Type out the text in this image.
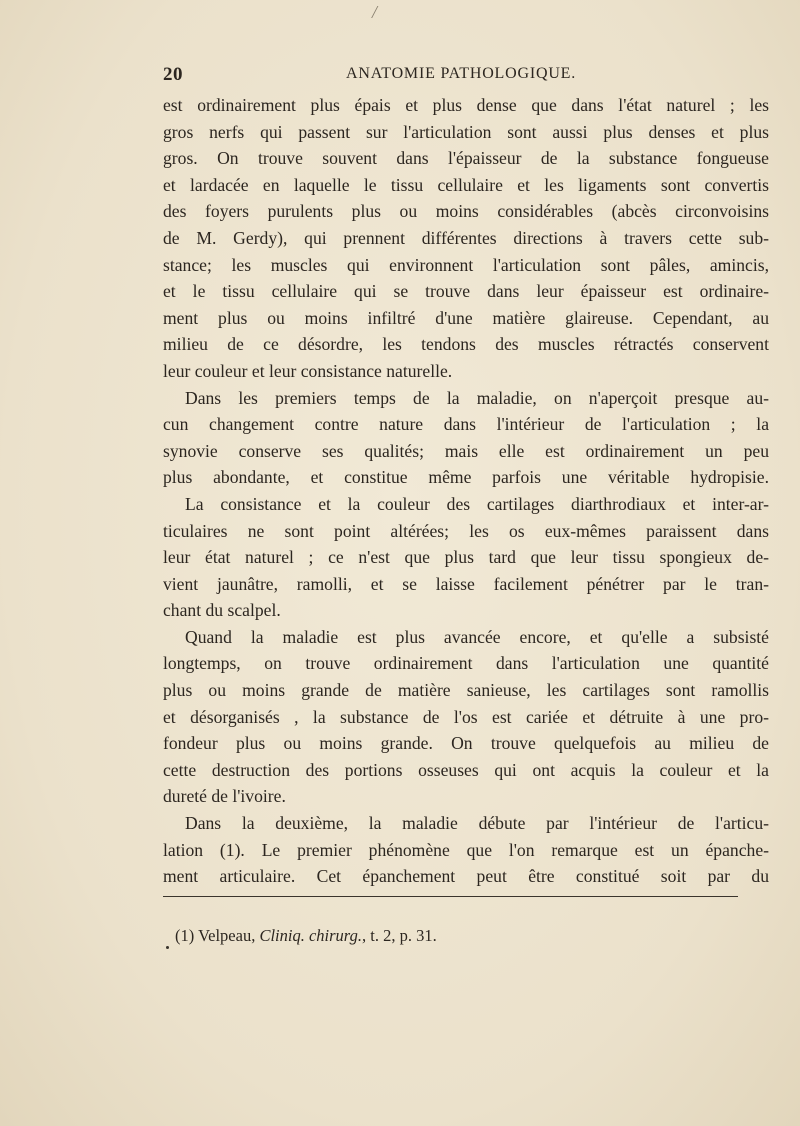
/
20	ANATOMIE PATHOLOGIQUE.
est ordinairement plus épais et plus dense que dans l'état naturel ; les
gros nerfs qui passent sur l'articulation sont aussi plus denses et plus
gros. On trouve souvent dans l'épaisseur de la substance fongueuse
et lardacée en laquelle le tissu cellulaire et les ligaments sont convertis
des foyers purulents plus ou moins considérables (abcès circonvoisins
de M. Gerdy), qui prennent différentes directions à travers cette sub-
stance; les muscles qui environnent l'articulation sont pâles, amincis,
et le tissu cellulaire qui se trouve dans leur épaisseur est ordinaire-
ment plus ou moins infiltré d'une matière glaireuse. Cependant, au
milieu de ce désordre, les tendons des muscles rétractés conservent
leur couleur et leur consistance naturelle.
Dans les premiers temps de la maladie, on n'aperçoit presque au-
cun changement contre nature dans l'intérieur de l'articulation ; la
synovie conserve ses qualités; mais elle est ordinairement un peu
plus abondante, et constitue même parfois une véritable hydropisie.
La consistance et la couleur des cartilages diarthrodiaux et inter-ar-
ticulaires ne sont point altérées; les os eux-mêmes paraissent dans
leur état naturel ; ce n'est que plus tard que leur tissu spongieux de-
vient jaunâtre, ramolli, et se laisse facilement pénétrer par le tran-
chant du scalpel.
Quand la maladie est plus avancée encore, et qu'elle a subsisté
longtemps, on trouve ordinairement dans l'articulation une quantité
plus ou moins grande de matière sanieuse, les cartilages sont ramollis
et désorganisés , la substance de l'os est cariée et détruite à une pro-
fondeur plus ou moins grande. On trouve quelquefois au milieu de
cette destruction des portions osseuses qui ont acquis la couleur et la
dureté de l'ivoire.
Dans la deuxième, la maladie débute par l'intérieur de l'articu-
lation (1). Le premier phénomène que l'on remarque est un épanche-
ment articulaire. Cet épanchement peut être constitué soit par du
(1) Velpeau, Cliniq. chirurg., t. 2, p. 31.
